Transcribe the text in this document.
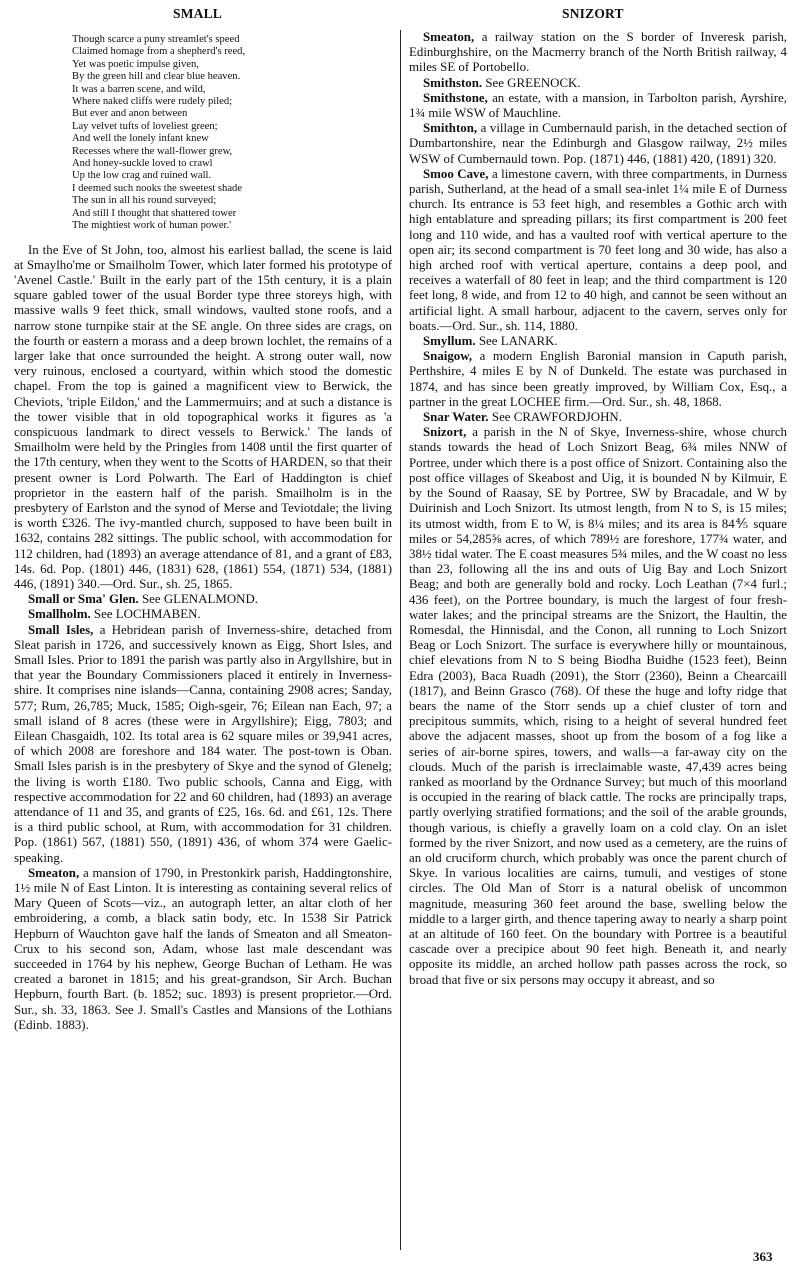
SMALL	SNIZORT
Though scarce a puny streamlet's speed
Claimed homage from a shepherd's reed,
Yet was poetic impulse given,
By the green hill and clear blue heaven.
It was a barren scene, and wild,
Where naked cliffs were rudely piled;
But ever and anon between
Lay velvet tufts of loveliest green;
And well the lonely infant knew
Recesses where the wall-flower grew,
And honey-suckle loved to crawl
Up the low crag and ruined wall.
I deemed such nooks the sweetest shade
The sun in all his round surveyed;
And still I thought that shattered tower
The mightiest work of human power.'

In the Eve of St John, too, almost his earliest ballad, the scene is laid at Smaylho'me or Smailholm Tower, which later formed his prototype of 'Avenel Castle.' Built in the early part of the 15th century, it is a plain square gabled tower of the usual Border type three storeys high, with massive walls 9 feet thick, small windows, vaulted stone roofs, and a narrow stone turnpike stair at the SE angle. On three sides are crags, on the fourth or eastern a morass and a deep brown lochlet, the remains of a larger lake that once surrounded the height. A strong outer wall, now very ruinous, enclosed a courtyard, within which stood the domestic chapel. From the top is gained a magnificent view to Berwick, the Cheviots, 'triple Eildon,' and the Lammermuirs; and at such a distance is the tower visible that in old topographical works it figures as 'a conspicuous landmark to direct vessels to Berwick.' The lands of Smailholm were held by the Pringles from 1408 until the first quarter of the 17th century, when they went to the Scotts of HARDEN, so that their present owner is Lord Polwarth. The Earl of Haddington is chief proprietor in the eastern half of the parish. Smailholm is in the presbytery of Earlston and the synod of Merse and Teviotdale; the living is worth £326. The ivy-mantled church, supposed to have been built in 1632, contains 282 sittings. The public school, with accommodation for 112 children, had (1893) an average attendance of 81, and a grant of £83, 14s. 6d. Pop. (1801) 446, (1831) 628, (1861) 554, (1871) 534, (1881) 446, (1891) 340.—Ord. Sur., sh. 25, 1865.

Small or Sma' Glen. See GLENALMOND.
Smallholm. See LOCHMABEN.
Small Isles, a Hebridean parish of Inverness-shire, detached from Sleat parish in 1726, and successively known as Eigg, Short Isles, and Small Isles. Prior to 1891 the parish was partly also in Argyllshire, but in that year the Boundary Commissioners placed it entirely in Inverness-shire. It comprises nine islands—Canna, containing 2908 acres; Sanday, 577; Rum, 26,785; Muck, 1585; Oigh-sgeir, 76; Eilean nan Each, 97; a small island of 8 acres (these were in Argyllshire); Eigg, 7803; and Eilean Chasgaidh, 102. Its total area is 62 square miles or 39,941 acres, of which 2008 are foreshore and 184 water. The post-town is Oban. Small Isles parish is in the presbytery of Skye and the synod of Glenelg; the living is worth £180. Two public schools, Canna and Eigg, with respective accommodation for 22 and 60 children, had (1893) an average attendance of 11 and 35, and grants of £25, 16s. 6d. and £61, 12s. There is a third public school, at Rum, with accommodation for 31 children. Pop. (1861) 567, (1881) 550, (1891) 436, of whom 374 were Gaelic-speaking.
Smeaton, a mansion of 1790, in Prestonkirk parish, Haddingtonshire, 1½ mile N of East Linton. It is interesting as containing several relics of Mary Queen of Scots—viz., an autograph letter, an altar cloth of her embroidering, a comb, a black satin body, etc. In 1538 Sir Patrick Hepburn of Wauchton gave half the lands of Smeaton and all Smeaton-Crux to his second son, Adam, whose last male descendant was succeeded in 1764 by his nephew, George Buchan of Letham. He was created a baronet in 1815; and his great-grandson, Sir Arch. Buchan Hepburn, fourth Bart. (b. 1852; suc. 1893) is present proprietor.—Ord. Sur., sh. 33, 1863. See J. Small's Castles and Mansions of the Lothians (Edinb. 1883).
Smeaton, a railway station on the S border of Inveresk parish, Edinburghshire, on the Macmerry branch of the North British railway, 4 miles SE of Portobello.
Smithston. See GREENOCK.
Smithstone, an estate, with a mansion, in Tarbolton parish, Ayrshire, 1¾ mile WSW of Mauchline.
Smithton, a village in Cumbernauld parish, in the detached section of Dumbartonshire, near the Edinburgh and Glasgow railway, 2½ miles WSW of Cumbernauld town. Pop. (1871) 446, (1881) 420, (1891) 320.
Smoo Cave, a limestone cavern, with three compartments, in Durness parish, Sutherland, at the head of a small sea-inlet 1¼ mile E of Durness church. Its entrance is 53 feet high, and resembles a Gothic arch with high entablature and spreading pillars; its first compartment is 200 feet long and 110 wide, and has a vaulted roof with vertical aperture to the open air; its second compartment is 70 feet long and 30 wide, has also a high arched roof with vertical aperture, contains a deep pool, and receives a waterfall of 80 feet in leap; and the third compartment is 120 feet long, 8 wide, and from 12 to 40 high, and cannot be seen without an artificial light. A small harbour, adjacent to the cavern, serves only for boats.—Ord. Sur., sh. 114, 1880.
Smyllum. See LANARK.
Snaigow, a modern English Baronial mansion in Caputh parish, Perthshire, 4 miles E by N of Dunkeld. The estate was purchased in 1874, and has since been greatly improved, by William Cox, Esq., a partner in the great LOCHEE firm.—Ord. Sur., sh. 48, 1868.
Snar Water. See CRAWFORDJOHN.
Snizort, a parish in the N of Skye, Inverness-shire, whose church stands towards the head of Loch Snizort Beag, 6¾ miles NNW of Portree, under which there is a post office of Snizort. Containing also the post office villages of Skeabost and Uig, it is bounded N by Kilmuir, E by the Sound of Raasay, SE by Portree, SW by Bracadale, and W by Duirinish and Loch Snizort. Its utmost length, from N to S, is 15 miles; its utmost width, from E to W, is 8¼ miles; and its area is 84⅘ square miles or 54,285⅝ acres, of which 789½ are foreshore, 177¾ water, and 38½ tidal water. The E coast measures 5¾ miles, and the W coast no less than 23, following all the ins and outs of Uig Bay and Loch Snizort Beag; and both are generally bold and rocky. Loch Leathan (7×4 furl.; 436 feet), on the Portree boundary, is much the largest of four fresh-water lakes; and the principal streams are the Snizort, the Haultin, the Romesdal, the Hinnisdal, and the Conon, all running to Loch Snizort Beag or Loch Snizort. The surface is everywhere hilly or mountainous, chief elevations from N to S being Biodha Buidhe (1523 feet), Beinn Edra (2003), Baca Ruadh (2091), the Storr (2360), Beinn a Chearcaill (1817), and Beinn Grasco (768). Of these the huge and lofty ridge that bears the name of the Storr sends up a chief cluster of torn and precipitous summits, which, rising to a height of several hundred feet above the adjacent masses, shoot up from the bosom of a fog like a series of air-borne spires, towers, and walls—a far-away city on the clouds. Much of the parish is irreclaimable waste, 47,439 acres being ranked as moorland by the Ordnance Survey; but much of this moorland is occupied in the rearing of black cattle. The rocks are principally traps, partly overlying stratified formations; and the soil of the arable grounds, though various, is chiefly a gravelly loam on a cold clay. On an islet formed by the river Snizort, and now used as a cemetery, are the ruins of an old cruciform church, which probably was once the parent church of Skye. In various localities are cairns, tumuli, and vestiges of stone circles. The Old Man of Storr is a natural obelisk of uncommon magnitude, measuring 360 feet around the base, swelling below the middle to a larger girth, and thence tapering away to nearly a sharp point at an altitude of 160 feet. On the boundary with Portree is a beautiful cascade over a precipice about 90 feet high. Beneath it, and nearly opposite its middle, an arched hollow path passes across the rock, so broad that five or six persons may occupy it abreast, and so
363
